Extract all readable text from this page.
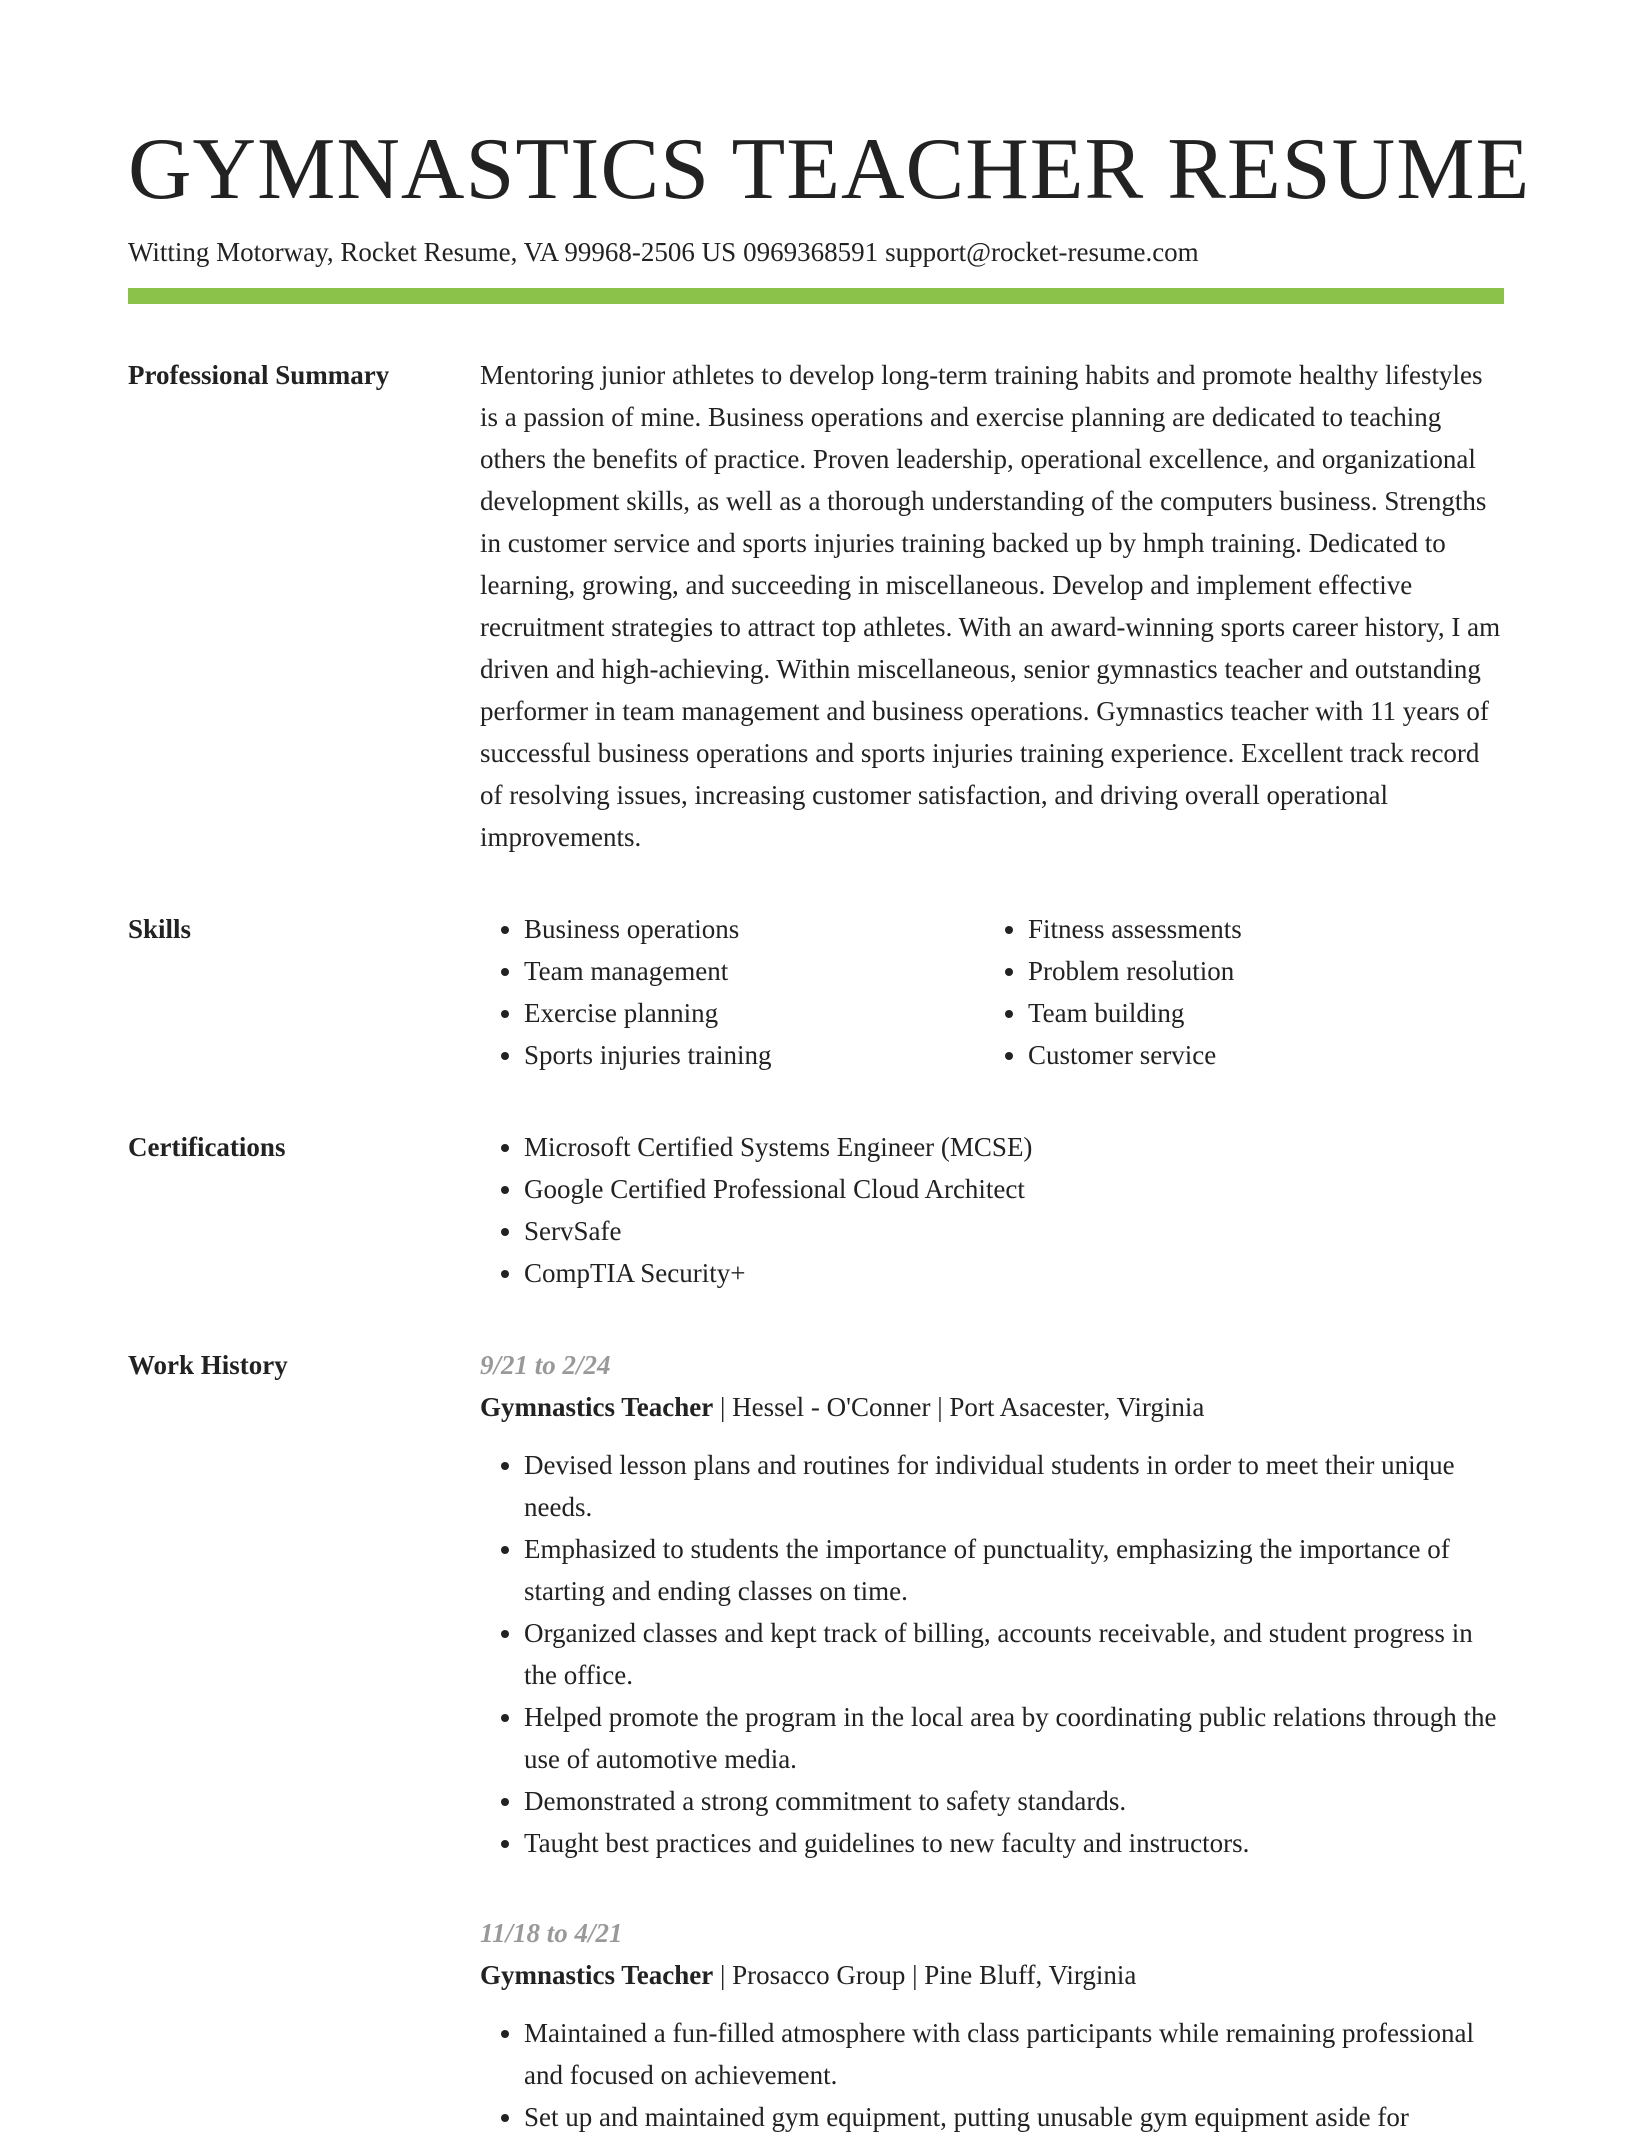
GYMNASTICS TEACHER RESUME
Witting Motorway, Rocket Resume, VA 99968-2506 US 0969368591 support@rocket-resume.com
Professional Summary	Mentoring junior athletes to develop long-term training habits and promote healthy lifestyles is a passion of mine. Business operations and exercise planning are dedicated to teaching others the benefits of practice. Proven leadership, operational excellence, and organizational development skills, as well as a thorough understanding of the computers business. Strengths in customer service and sports injuries training backed up by hmph training. Dedicated to learning, growing, and succeeding in miscellaneous. Develop and implement effective recruitment strategies to attract top athletes. With an award-winning sports career history, I am driven and high-achieving. Within miscellaneous, senior gymnastics teacher and outstanding performer in team management and business operations. Gymnastics teacher with 11 years of successful business operations and sports injuries training experience. Excellent track record of resolving issues, increasing customer satisfaction, and driving overall operational improvements.

Skills	• Business operations
• Team management
• Exercise planning
• Sports injuries training
• Fitness assessments
• Problem resolution
• Team building
• Customer service
Certifications	• Microsoft Certified Systems Engineer (MCSE)
• Google Certified Professional Cloud Architect
• ServSafe
• CompTIA Security+
Work History	9/21 to 2/24
Gymnastics Teacher | Hessel - O'Conner | Port Asacester, Virginia
• Devised lesson plans and routines for individual students in order to meet their unique needs.
• Emphasized to students the importance of punctuality, emphasizing the importance of starting and ending classes on time.
• Organized classes and kept track of billing, accounts receivable, and student progress in the office.
• Helped promote the program in the local area by coordinating public relations through the use of automotive media.
• Demonstrated a strong commitment to safety standards.
• Taught best practices and guidelines to new faculty and instructors.
11/18 to 4/21
Gymnastics Teacher | Prosacco Group | Pine Bluff, Virginia
• Maintained a fun-filled atmosphere with class participants while remaining professional and focused on achievement.
• Set up and maintained gym equipment, putting unusable gym equipment aside for
